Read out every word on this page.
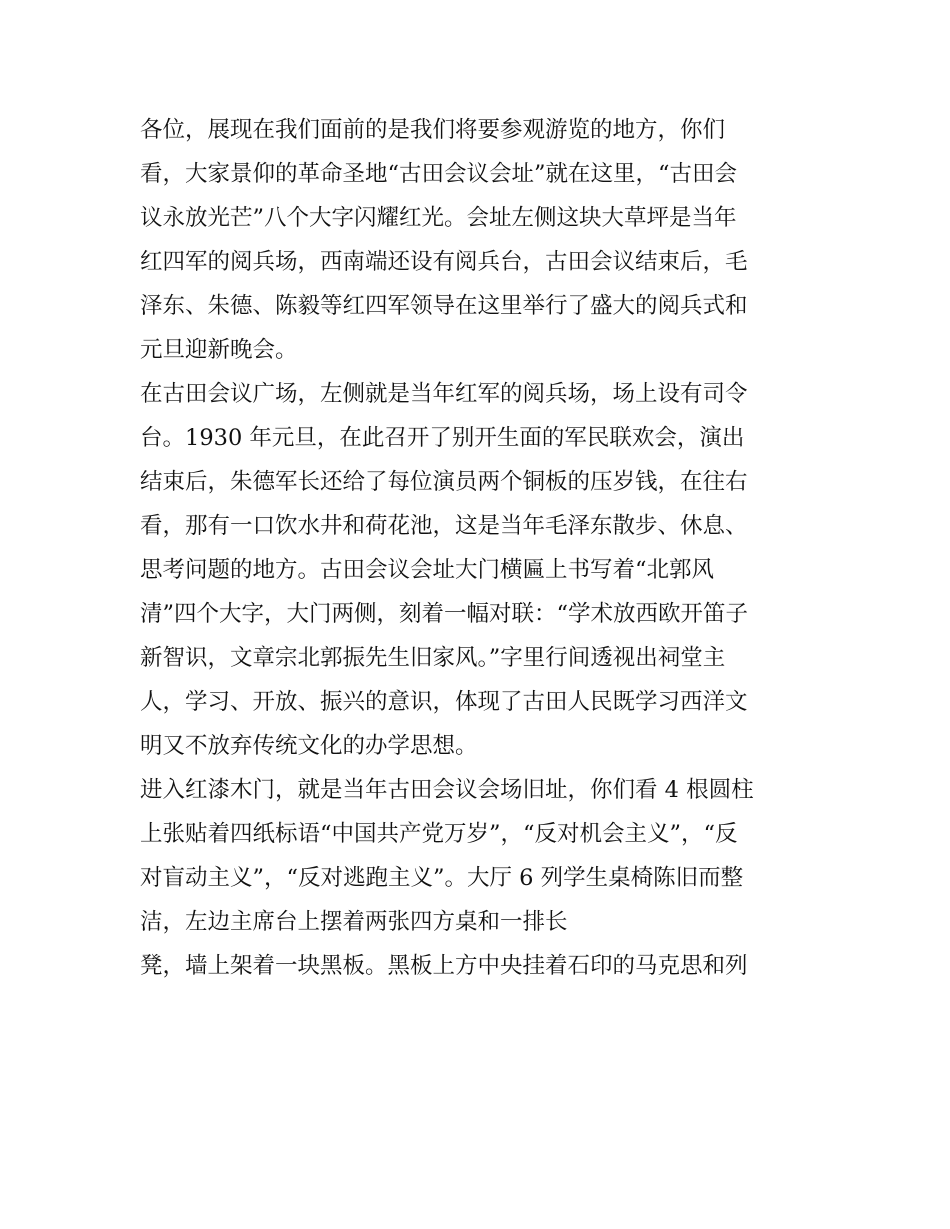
各位，展现在我们面前的是我们将要参观游览的地方，你们
看，大家景仰的革命圣地“古田会议会址”就在这里，“古田会
议永放光芒”八个大字闪耀红光。会址左侧这块大草坪是当年
红四军的阅兵场，西南端还设有阅兵台，古田会议结束后，毛
泽东、朱德、陈毅等红四军领导在这里举行了盛大的阅兵式和
元旦迎新晚会。
在古田会议广场，左侧就是当年红军的阅兵场，场上设有司令
台。1930 年元旦，在此召开了别开生面的军民联欢会，演出
结束后，朱德军长还给了每位演员两个铜板的压岁钱，在往右
看，那有一口饮水井和荷花池，这是当年毛泽东散步、休息、
思考问题的地方。古田会议会址大门横匾上书写着“北郭风
清”四个大字，大门两侧，刻着一幅对联：“学术放西欧开笛子
新智识，文章宗北郭振先生旧家风。”字里行间透视出祠堂主
人，学习、开放、振兴的意识，体现了古田人民既学习西洋文
明又不放弃传统文化的办学思想。
进入红漆木门，就是当年古田会议会场旧址，你们看 4 根圆柱
上张贴着四纸标语“中国共产党万岁”，“反对机会主义”，“反
对盲动主义”，“反对逃跑主义”。大厅 6 列学生桌椅陈旧而整
洁，左边主席台上摆着两张四方桌和一排长
凳，墙上架着一块黑板。黑板上方中央挂着石印的马克思和列
